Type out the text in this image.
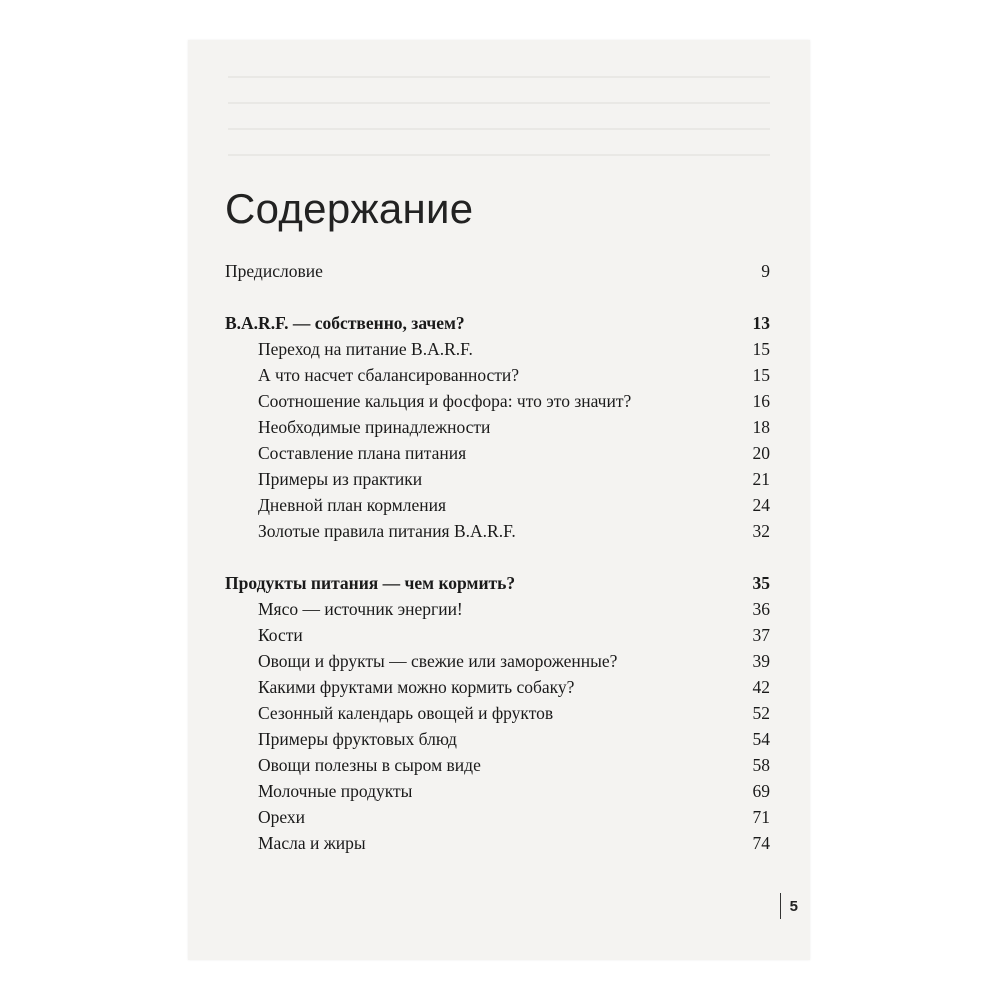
Содержание
Предисловие	9
B.A.R.F. — собственно, зачем?	13
Переход на питание B.A.R.F.	15
А что насчет сбалансированности?	15
Соотношение кальция и фосфора: что это значит?	16
Необходимые принадлежности	18
Составление плана питания	20
Примеры из практики	21
Дневной план кормления	24
Золотые правила питания B.A.R.F.	32
Продукты питания — чем кормить?	35
Мясо — источник энергии!	36
Кости	37
Овощи и фрукты — свежие или замороженные?	39
Какими фруктами можно кормить собаку?	42
Сезонный календарь овощей и фруктов	52
Примеры фруктовых блюд	54
Овощи полезны в сыром виде	58
Молочные продукты	69
Орехи	71
Масла и жиры	74
5
